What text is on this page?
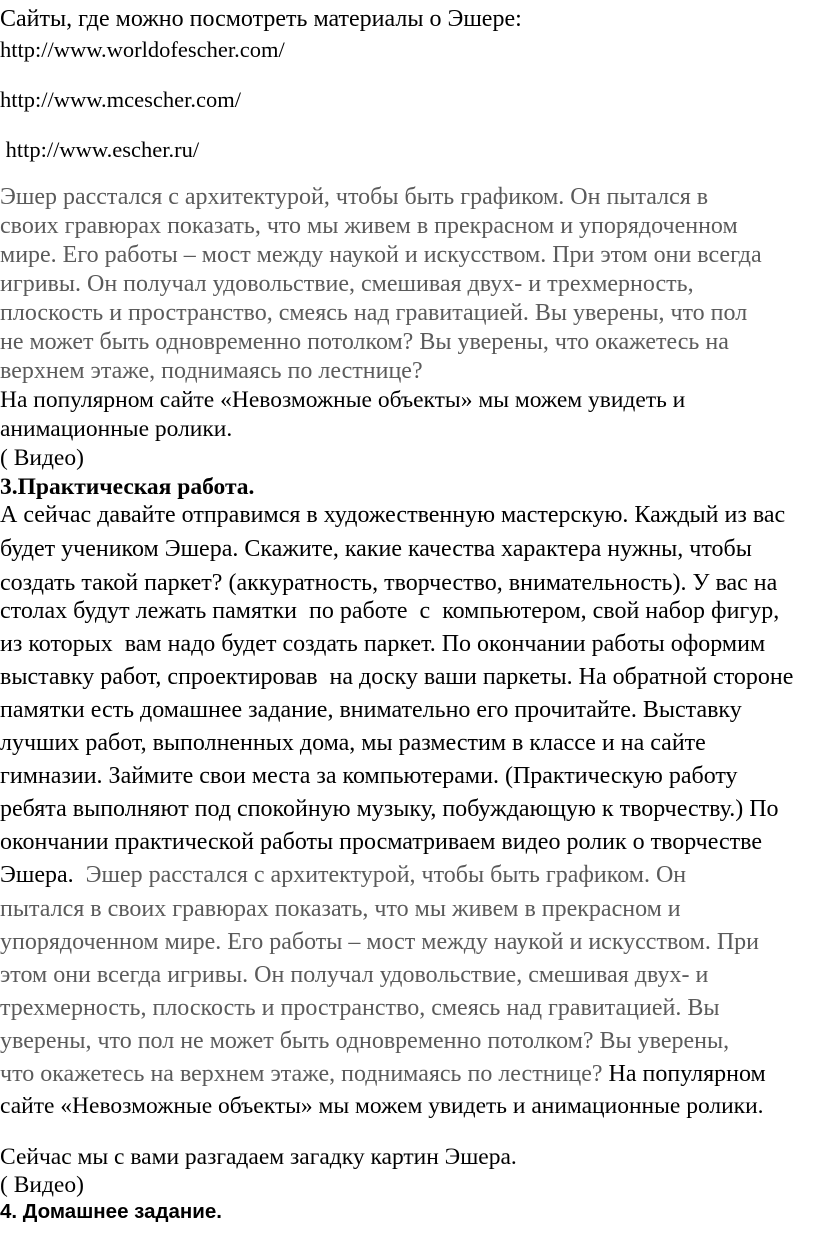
Сайты, где можно посмотреть материалы о Эшере:
http://www.worldofescher.com/
http://www.mcescher.com/
http://www.escher.ru/
Эшер расстался с архитектурой, чтобы быть графиком. Он пытался в
своих гравюрах показать, что мы живем в прекрасном и упорядоченном
мире. Его работы – мост между наукой и искусством. При этом они всегда
игривы. Он получал удовольствие, смешивая двух- и трехмерность,
плоскость и пространство, смеясь над гравитацией. Вы уверены, что пол
не может быть одновременно потолком? Вы уверены, что окажетесь на
верхнем этаже, поднимаясь по лестнице?
На популярном сайте «Невозможные объекты» мы можем увидеть и
анимационные ролики.
( Видео)
3.Практическая работа.
А сейчас давайте отправимся в художественную мастерскую. Каждый из вас
будет учеником Эшера. Скажите, какие качества характера нужны, чтобы
создать такой паркет? (аккуратность, творчество, внимательность). У вас на
столах будут лежать памятки  по работе  с  компьютером, свой набор фигур,
из которых  вам надо будет создать паркет. По окончании работы оформим
выставку работ, спроектировав  на доску ваши паркеты. На обратной стороне
памятки есть домашнее задание, внимательно его прочитайте. Выставку
лучших работ, выполненных дома, мы разместим в классе и на сайте
гимназии. Займите свои места за компьютерами. (Практическую работу
ребята выполняют под спокойную музыку, побуждающую к творчеству.) По
окончании практической работы просматриваем видео ролик о творчестве
Эшера.  Эшер расстался с архитектурой, чтобы быть графиком. Он
пытался в своих гравюрах показать, что мы живем в прекрасном и
упорядоченном мире. Его работы – мост между наукой и искусством. При
этом они всегда игривы. Он получал удовольствие, смешивая двух- и
трехмерность, плоскость и пространство, смеясь над гравитацией. Вы
уверены, что пол не может быть одновременно потолком? Вы уверены,
что окажетесь на верхнем этаже, поднимаясь по лестнице? На популярном
сайте «Невозможные объекты» мы можем увидеть и анимационные ролики.
Сейчас мы с вами разгадаем загадку картин Эшера.
( Видео)
4. Домашнее задание.
